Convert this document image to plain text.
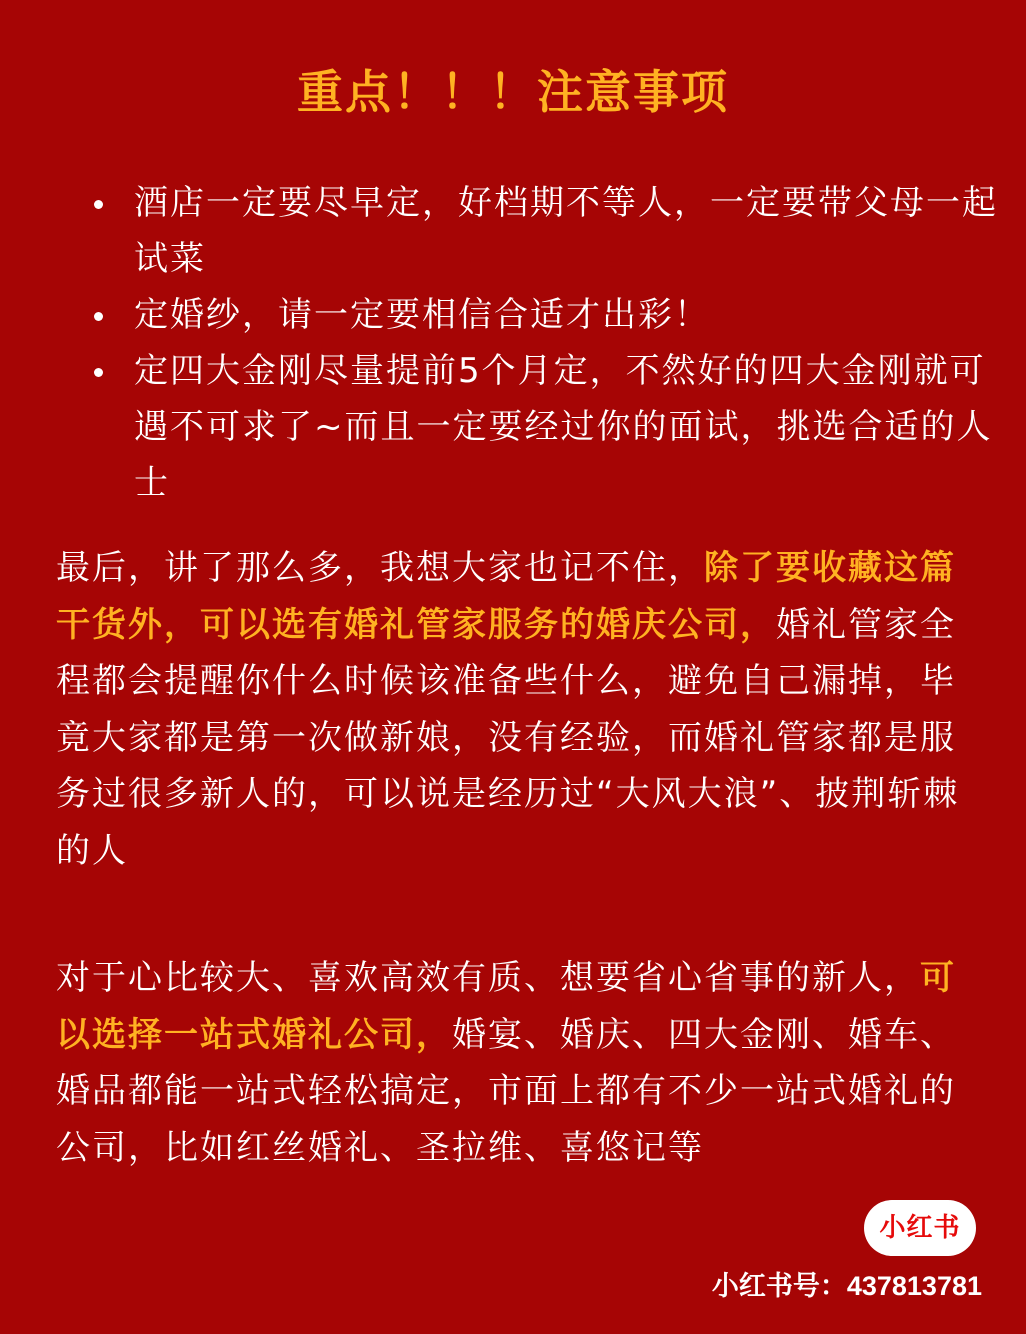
重点！！！注意事项
酒店一定要尽早定，好档期不等人，一定要带父母一起试菜
定婚纱，请一定要相信合适才出彩！
定四大金刚尽量提前5个月定，不然好的四大金刚就可遇不可求了~而且一定要经过你的面试，挑选合适的人士

最后，讲了那么多，我想大家也记不住，除了要收藏这篇干货外，可以选有婚礼管家服务的婚庆公司，婚礼管家全程都会提醒你什么时候该准备些什么，避免自己漏掉，毕竟大家都是第一次做新娘，没有经验，而婚礼管家都是服务过很多新人的，可以说是经历过“大风大浪”、披荆斩棘的人

对于心比较大、喜欢高效有质、想要省心省事的新人，可以选择一站式婚礼公司，婚宴、婚庆、四大金刚、婚车、婚品都能一站式轻松搞定，市面上都有不少一站式婚礼的公司，比如红丝婚礼、圣拉维、喜悠记等

小红书
小红书号：437813781
